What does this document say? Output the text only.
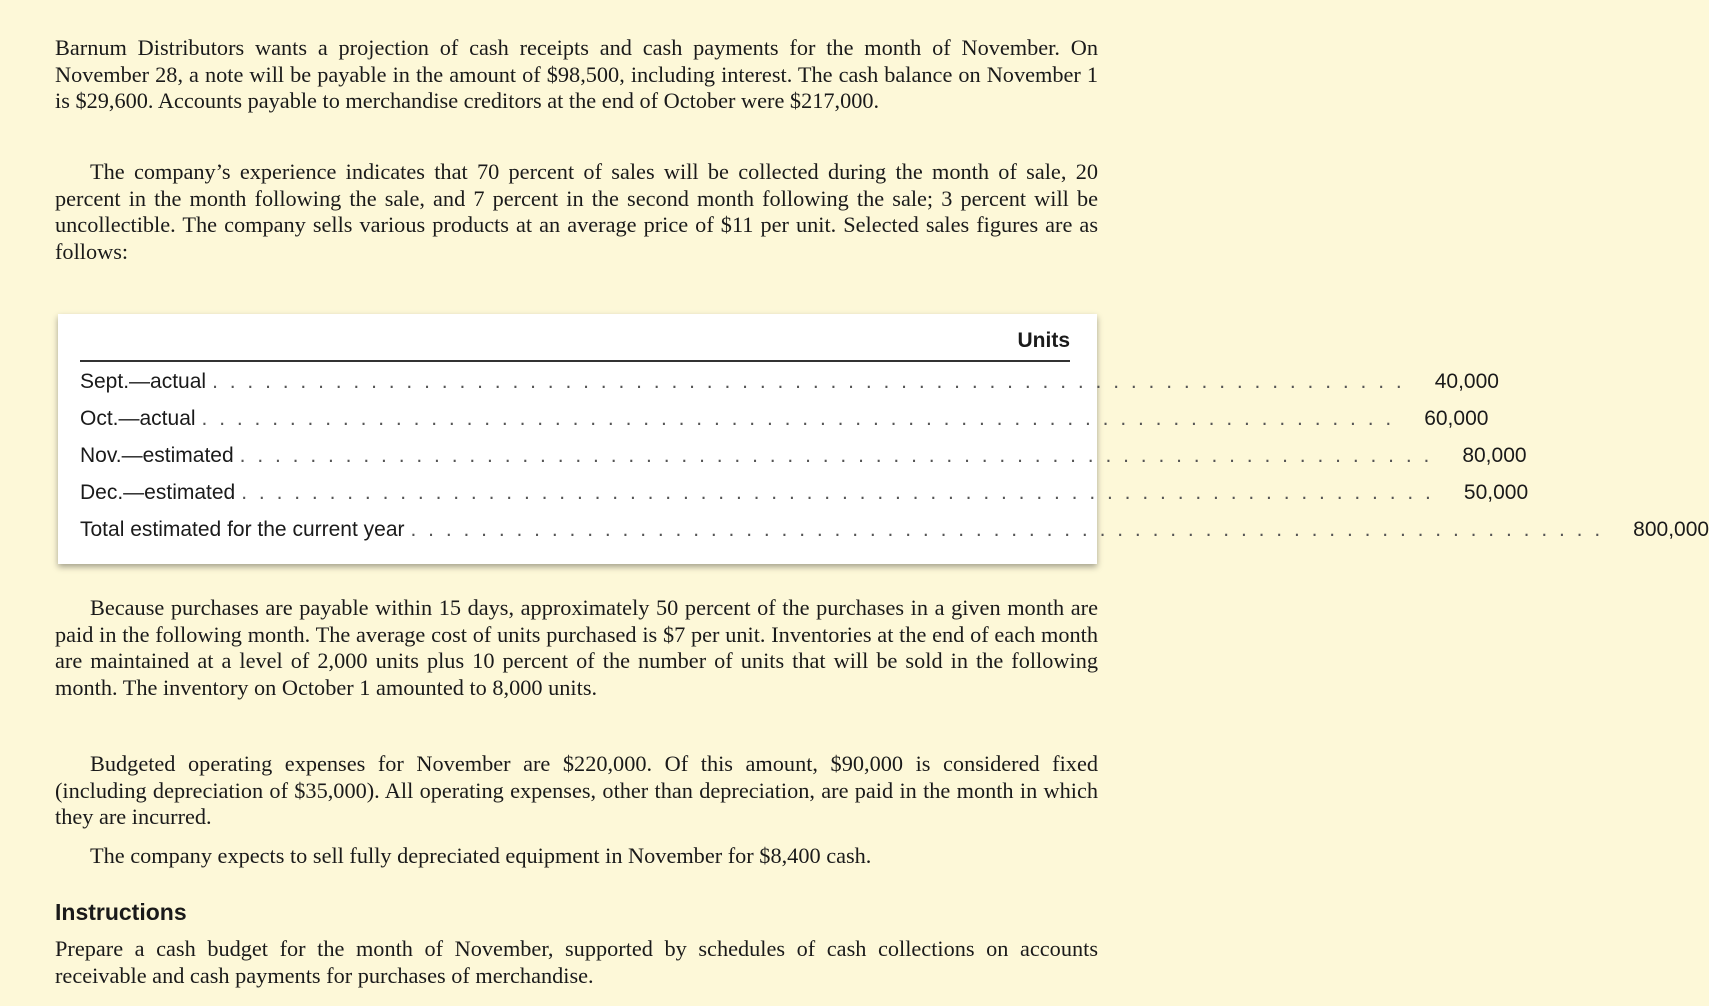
Barnum Distributors wants a projection of cash receipts and cash payments for the month of November. On November 28, a note will be payable in the amount of $98,500, including interest. The cash balance on November 1 is $29,600. Accounts payable to merchandise creditors at the end of October were $217,000.

The company’s experience indicates that 70 percent of sales will be collected during the month of sale, 20 percent in the month following the sale, and 7 percent in the second month following the sale; 3 percent will be uncollectible. The company sells various products at an average price of $11 per unit. Selected sales figures are as follows:

Units
Sept.—actual . . . . . . . . . . . . . . . . . . . . . . . . . . . . . . . . . . . . . . . . . . . . . . . . . . . . . . . . . . . . . . . . . . . . 40,000
Oct.—actual . . . . . . . . . . . . . . . . . . . . . . . . . . . . . . . . . . . . . . . . . . . . . . . . . . . . . . . . . . . . . . . . . . . . 60,000
Nov.—estimated . . . . . . . . . . . . . . . . . . . . . . . . . . . . . . . . . . . . . . . . . . . . . . . . . . . . . . . . . . . . . . . . . . . . 80,000
Dec.—estimated . . . . . . . . . . . . . . . . . . . . . . . . . . . . . . . . . . . . . . . . . . . . . . . . . . . . . . . . . . . . . . . . . . . . 50,000
Total estimated for the current year . . . . . . . . . . . . . . . . . . . . . . . . . . . . . . . . . . . . . . . . . . . . . . . . . . . . . . . . . . . . . . . . . . . . 800,000

Because purchases are payable within 15 days, approximately 50 percent of the purchases in a given month are paid in the following month. The average cost of units purchased is $7 per unit. Inventories at the end of each month are maintained at a level of 2,000 units plus 10 percent of the number of units that will be sold in the following month. The inventory on October 1 amounted to 8,000 units.

Budgeted operating expenses for November are $220,000. Of this amount, $90,000 is considered fixed (including depreciation of $35,000). All operating expenses, other than depreciation, are paid in the month in which they are incurred.

The company expects to sell fully depreciated equipment in November for $8,400 cash.

Instructions

Prepare a cash budget for the month of November, supported by schedules of cash collections on accounts receivable and cash payments for purchases of merchandise.
